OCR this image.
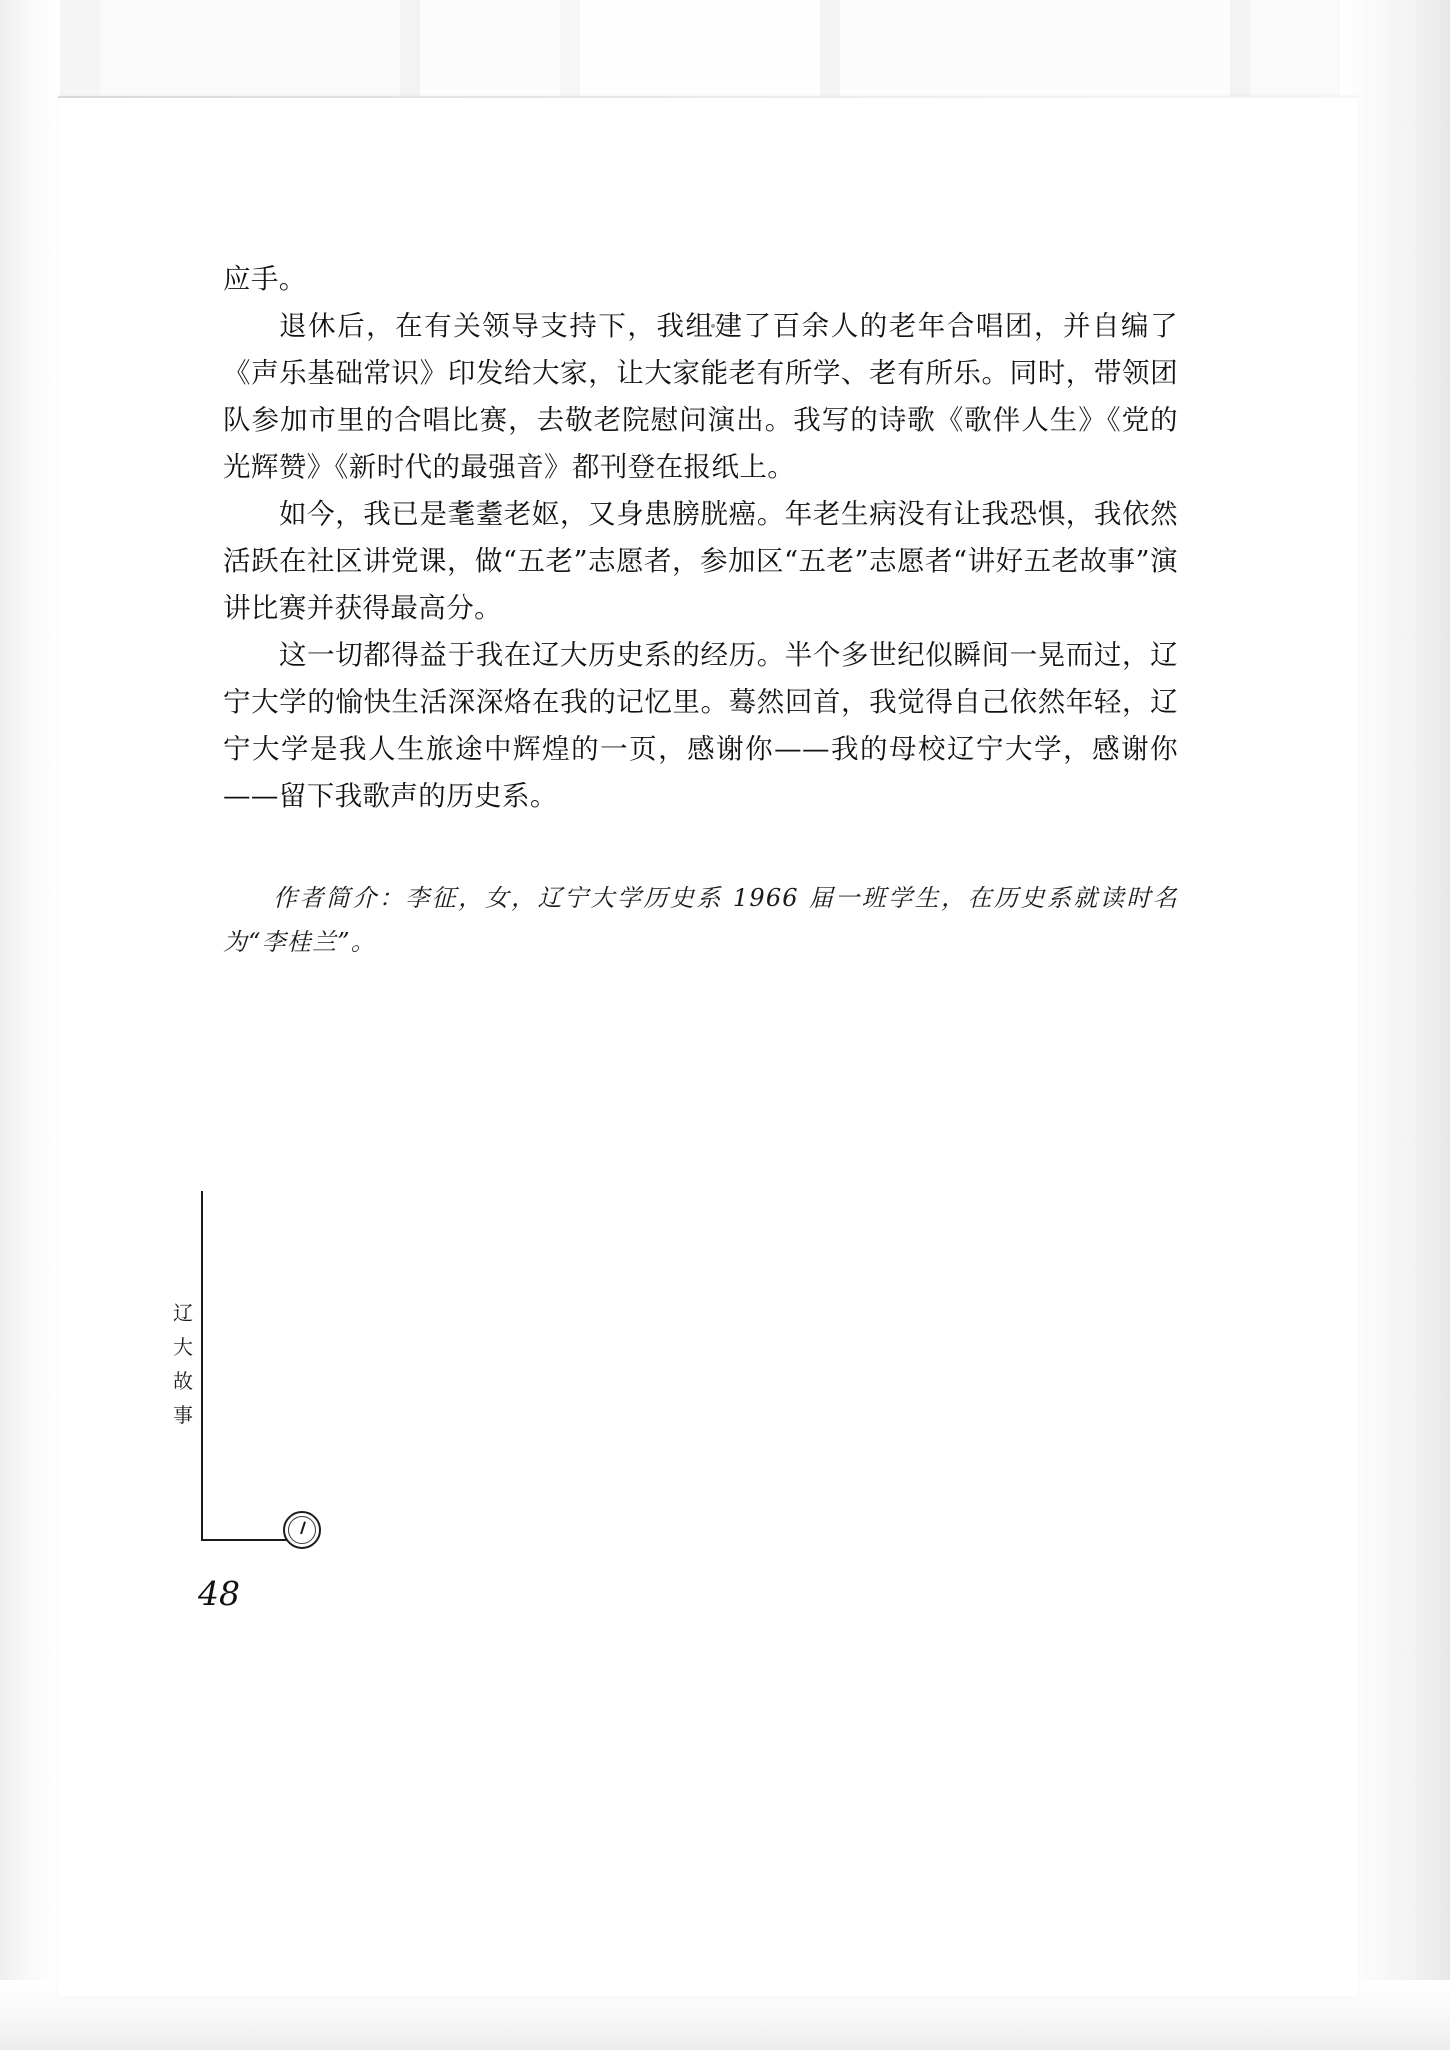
应手。

退休后，在有关领导支持下，我组建了百余人的老年合唱团，并自编了《声乐基础常识》印发给大家，让大家能老有所学、老有所乐。同时，带领团队参加市里的合唱比赛，去敬老院慰问演出。我写的诗歌《歌伴人生》《党的光辉赞》《新时代的最强音》都刊登在报纸上。

如今，我已是耄耋老妪，又身患膀胱癌。年老生病没有让我恐惧，我依然活跃在社区讲党课，做“五老”志愿者，参加区“五老”志愿者“讲好五老故事”演讲比赛并获得最高分。

这一切都得益于我在辽大历史系的经历。半个多世纪似瞬间一晃而过，辽宁大学的愉快生活深深烙在我的记忆里。蓦然回首，我觉得自己依然年轻，辽宁大学是我人生旅途中辉煌的一页，感谢你——我的母校辽宁大学，感谢你——留下我歌声的历史系。

作者简介：李征，女，辽宁大学历史系 1966 届一班学生，在历史系就读时名为“李桂兰”。

辽
大
故
事
48
